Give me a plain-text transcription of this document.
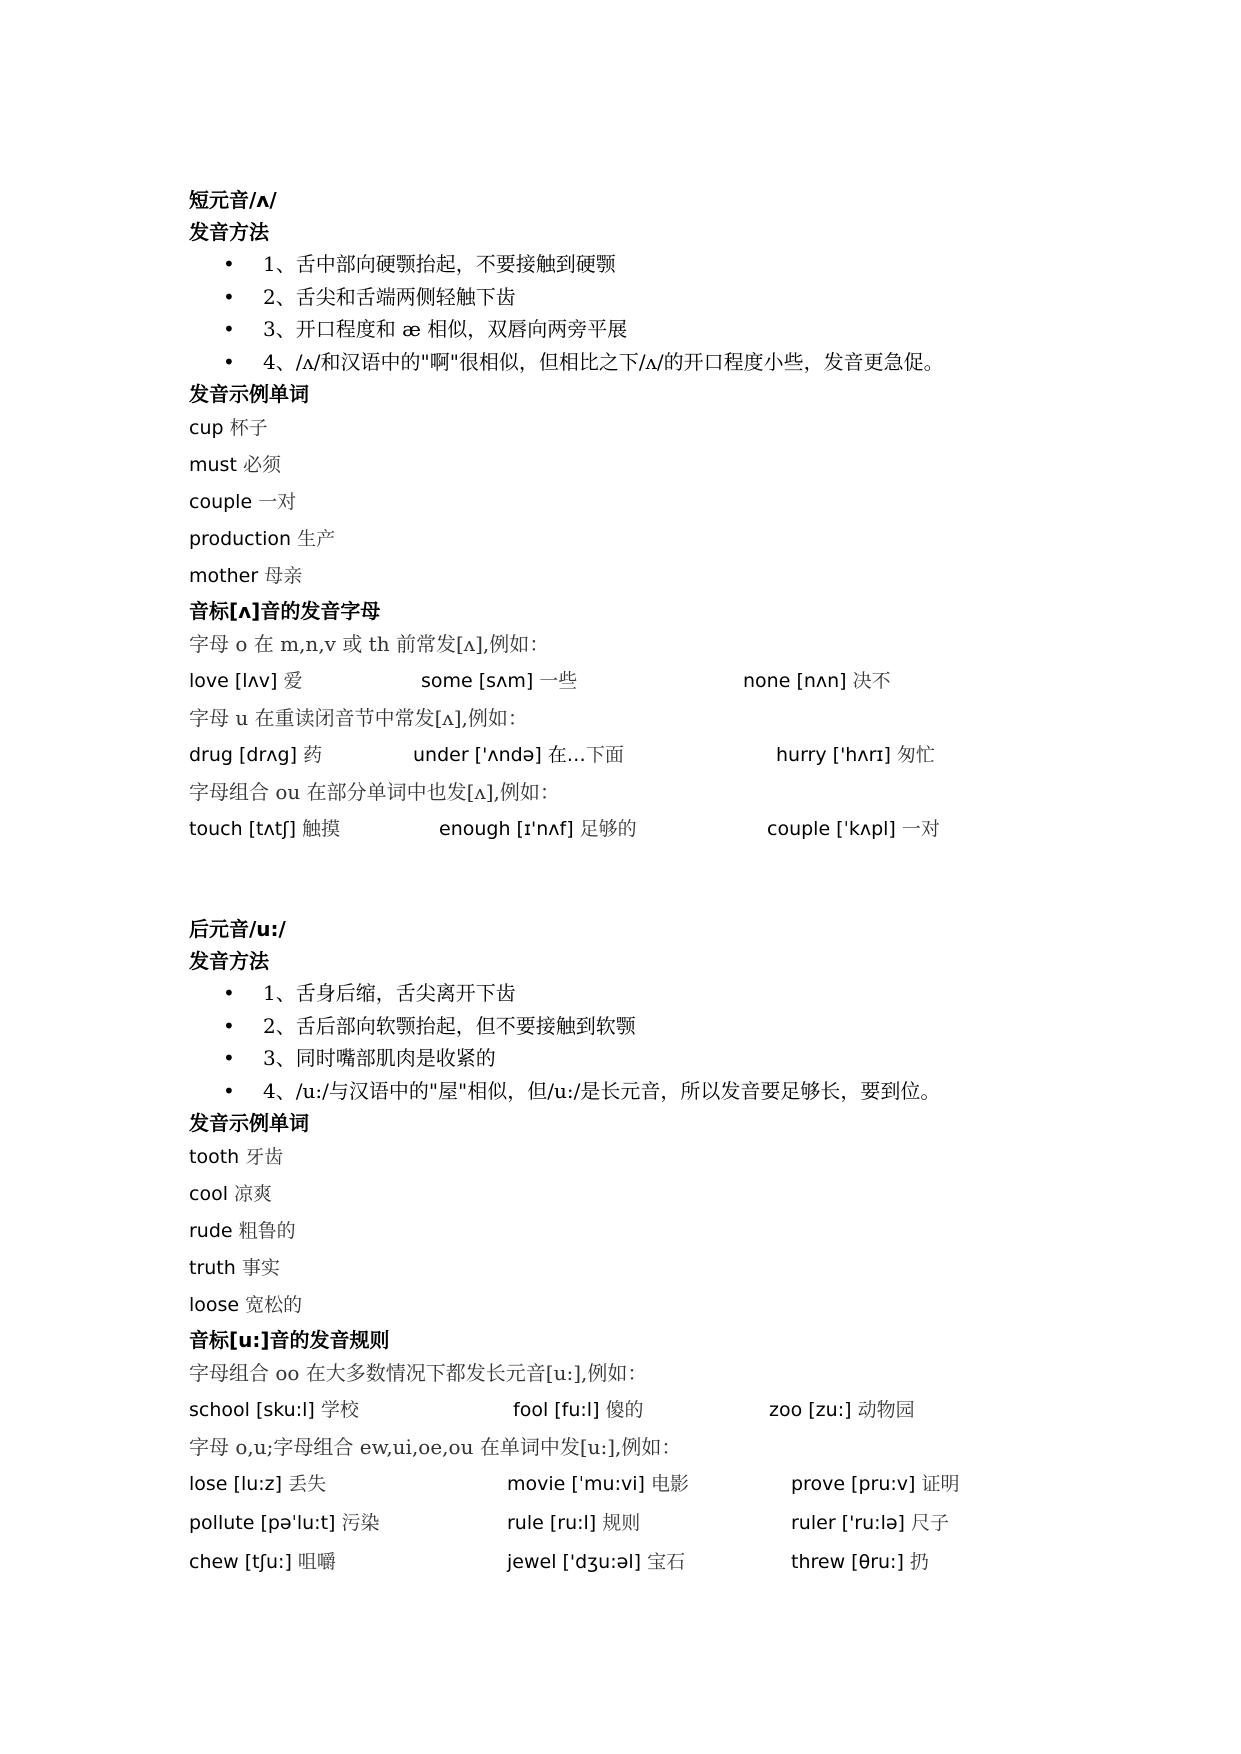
短元音/ʌ/
发音方法
• 1、舌中部向硬颚抬起，不要接触到硬颚
• 2、舌尖和舌端两侧轻触下齿
• 3、开口程度和 æ 相似，双唇向两旁平展
• 4、/ʌ/和汉语中的"啊"很相似，但相比之下/ʌ/的开口程度小些，发音更急促。
发音示例单词
cup 杯子
must 必须
couple 一对
production 生产
mother 母亲
音标[ʌ]音的发音字母
字母 o 在 m,n,v 或 th 前常发[ʌ],例如：
love [lʌv] 爱	some [sʌm] 一些	none [nʌn] 决不
字母 u 在重读闭音节中常发[ʌ],例如：
drug [drʌg] 药	under ['ʌndə] 在…下面	hurry ['hʌrɪ] 匆忙
字母组合 ou 在部分单词中也发[ʌ],例如：
touch [tʌtʃ] 触摸	enough [ɪ'nʌf] 足够的	couple [ˈkʌpl] 一对
后元音/u:/
发音方法
• 1、舌身后缩，舌尖离开下齿
• 2、舌后部向软颚抬起，但不要接触到软颚
• 3、同时嘴部肌肉是收紧的
• 4、/u:/与汉语中的"屋"相似，但/u:/是长元音，所以发音要足够长，要到位。
发音示例单词
tooth 牙齿
cool 凉爽
rude 粗鲁的
truth 事实
loose 宽松的
音标[u:]音的发音规则
字母组合 oo 在大多数情况下都发长元音[u:],例如：
school [sku:l] 学校	fool [fu:l] 傻的	zoo [zu:] 动物园
字母 o,u;字母组合 ew,ui,oe,ou 在单词中发[u:],例如：
lose [lu:z] 丢失	movie [ˈmu:vi] 电影	prove [pru:v] 证明
pollute [pəˈlu:t] 污染	rule [ru:l] 规则	ruler ['ru:lə] 尺子
chew [tʃu:] 咀嚼	jewel ['dʒu:əl] 宝石	threw [θru:] 扔
